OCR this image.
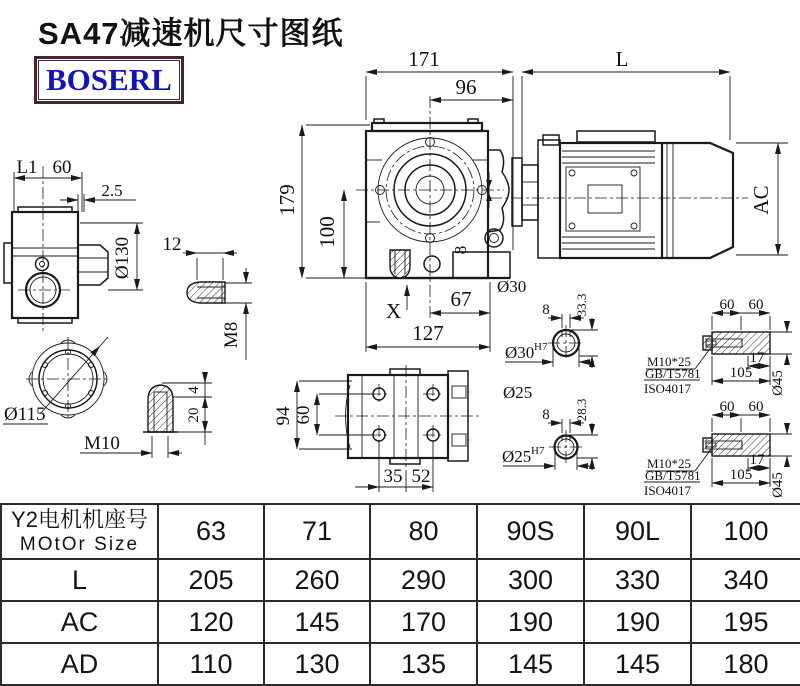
SA47减速机尺寸图纸
BOSERL
8
171
96
L
179
100
X 67
127
Ø30
AC
L1 60
2.5
Ø130 12
M8
Ø115
M10
4
20	94 60
35 52
Ø25
8 33.3
Ø30 H7
8 28.3
Ø25 H7
60 60
17
105 Ø45
M10*25
GB/T5781
ISO4017
60 60
17
105 Ø45
M10*25
GB/T5781
ISO4017
Y2电机机座号
MOtOr Size	63	71	80	90S	90L	100
L	205	260	290	300	330	340
AC	120	145	170	190	190	195
AD	110	130	135	145	145	180
